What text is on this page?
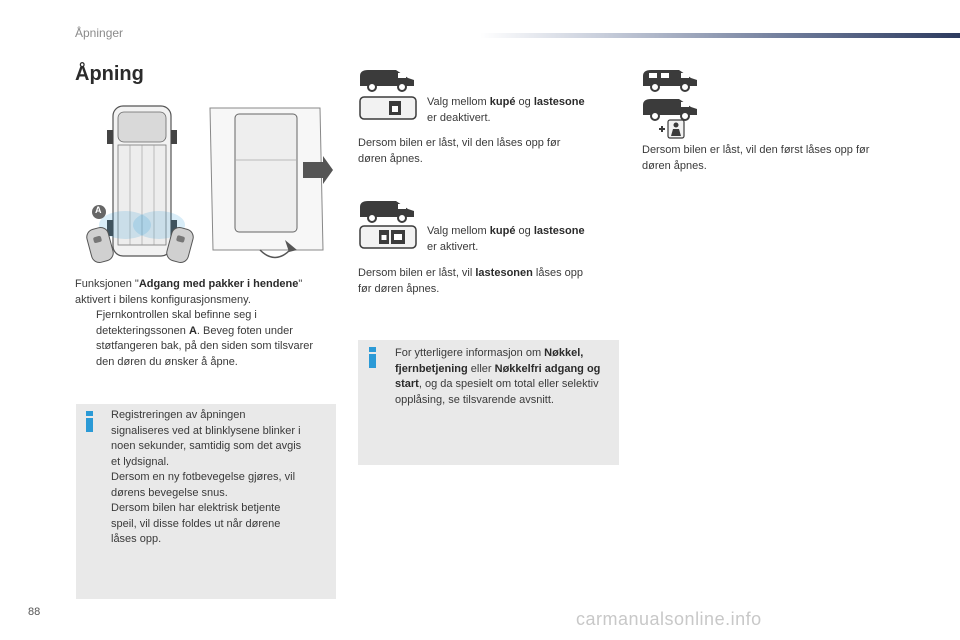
Åpninger
Åpning
A
Funksjonen "Adgang med pakker i hendene"
aktivert i bilens konfigurasjonsmeny.
Fjernkontrollen skal befinne seg i detekteringssonen A. Beveg foten under støtfangeren bak, på den siden som tilsvarer den døren du ønsker å åpne.
Registreringen av åpningen
signaliseres ved at blinklysene blinker i
noen sekunder, samtidig som det avgis
et lydsignal.
Dersom en ny fotbevegelse gjøres, vil
dørens bevegelse snus.
Dersom bilen har elektrisk betjente
speil, vil disse foldes ut når dørene
låses opp.
Valg mellom kupé og lastesone
er deaktivert.
Dersom bilen er låst, vil den låses opp før
døren åpnes.
Valg mellom kupé og lastesone
er aktivert.
Dersom bilen er låst, vil lastesonen låses opp
før døren åpnes.
For ytterligere informasjon om Nøkkel, fjernbetjening eller Nøkkelfri adgang og start, og da spesielt om total eller selektiv opplåsing, se tilsvarende avsnitt.
Dersom bilen er låst, vil den først låses opp før
døren åpnes.
88	carmanualsonline.info
